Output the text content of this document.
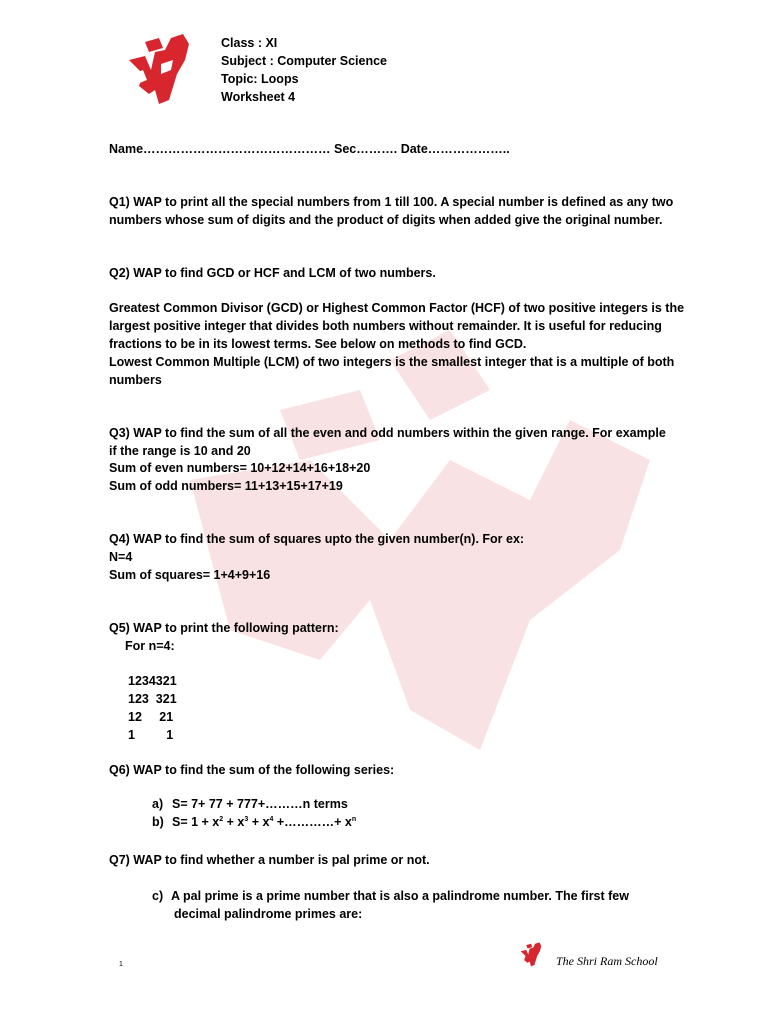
Class : XI
Subject : Computer Science
Topic: Loops
Worksheet 4
Name……………………………………… Sec………. Date………………..
Q1) WAP to print all the special numbers from 1 till 100. A special number is defined as any two
numbers whose sum of digits and the product of digits when added give the original number.
Q2) WAP to find GCD or HCF and LCM of two numbers.
Greatest Common Divisor (GCD) or Highest Common Factor (HCF) of two positive integers is the
largest positive integer that divides both numbers without remainder. It is useful for reducing
fractions to be in its lowest terms. See below on methods to find GCD.
Lowest Common Multiple (LCM) of two integers is the smallest integer that is a multiple of both
numbers
Q3) WAP to find the sum of all the even and odd numbers within the given range. For example
if the range is 10 and 20
Sum of even numbers= 10+12+14+16+18+20
Sum of odd numbers= 11+13+15+17+19
Q4) WAP to find the sum of squares upto the given number(n). For ex:
N=4
Sum of squares= 1+4+9+16
Q5) WAP to print the following pattern:
For n=4:
1234321
123  321
12     21
1         1
Q6) WAP to find the sum of the following series:
a) S= 7+ 77 + 777+………n terms
b) $S= 1 + x^2 + x^3 + x^4$ +…………+ $x^n$
Q7) WAP to find whether a number is pal prime or not.
c) A pal prime is a prime number that is also a palindrome number. The first few
decimal palindrome primes are:
1	The Shri Ram School
